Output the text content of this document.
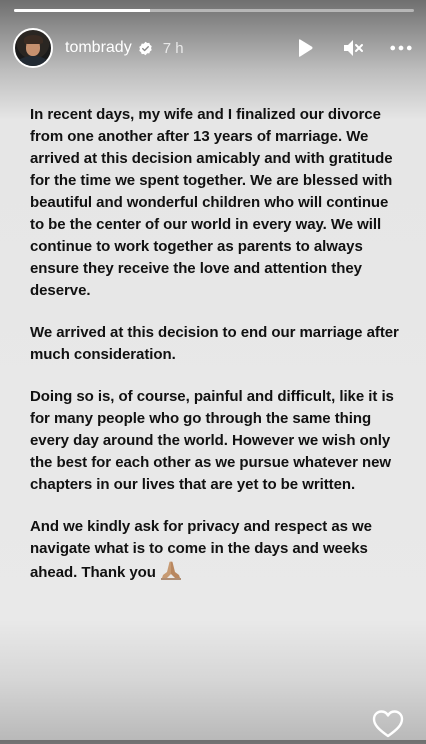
tombrady 7 h

In recent days, my wife and I finalized our divorce from one another after 13 years of marriage. We arrived at this decision amicably and with gratitude for the time we spent together. We are blessed with beautiful and wonderful children who will continue to be the center of our world in every way. We will continue to work together as parents to always ensure they receive the love and attention they deserve.

We arrived at this decision to end our marriage after much consideration.

Doing so is, of course, painful and difficult, like it is for many people who go through the same thing every day around the world. However we wish only the best for each other as we pursue whatever new chapters in our lives that are yet to be written.

And we kindly ask for privacy and respect as we navigate what is to come in the days and weeks ahead. Thank you
